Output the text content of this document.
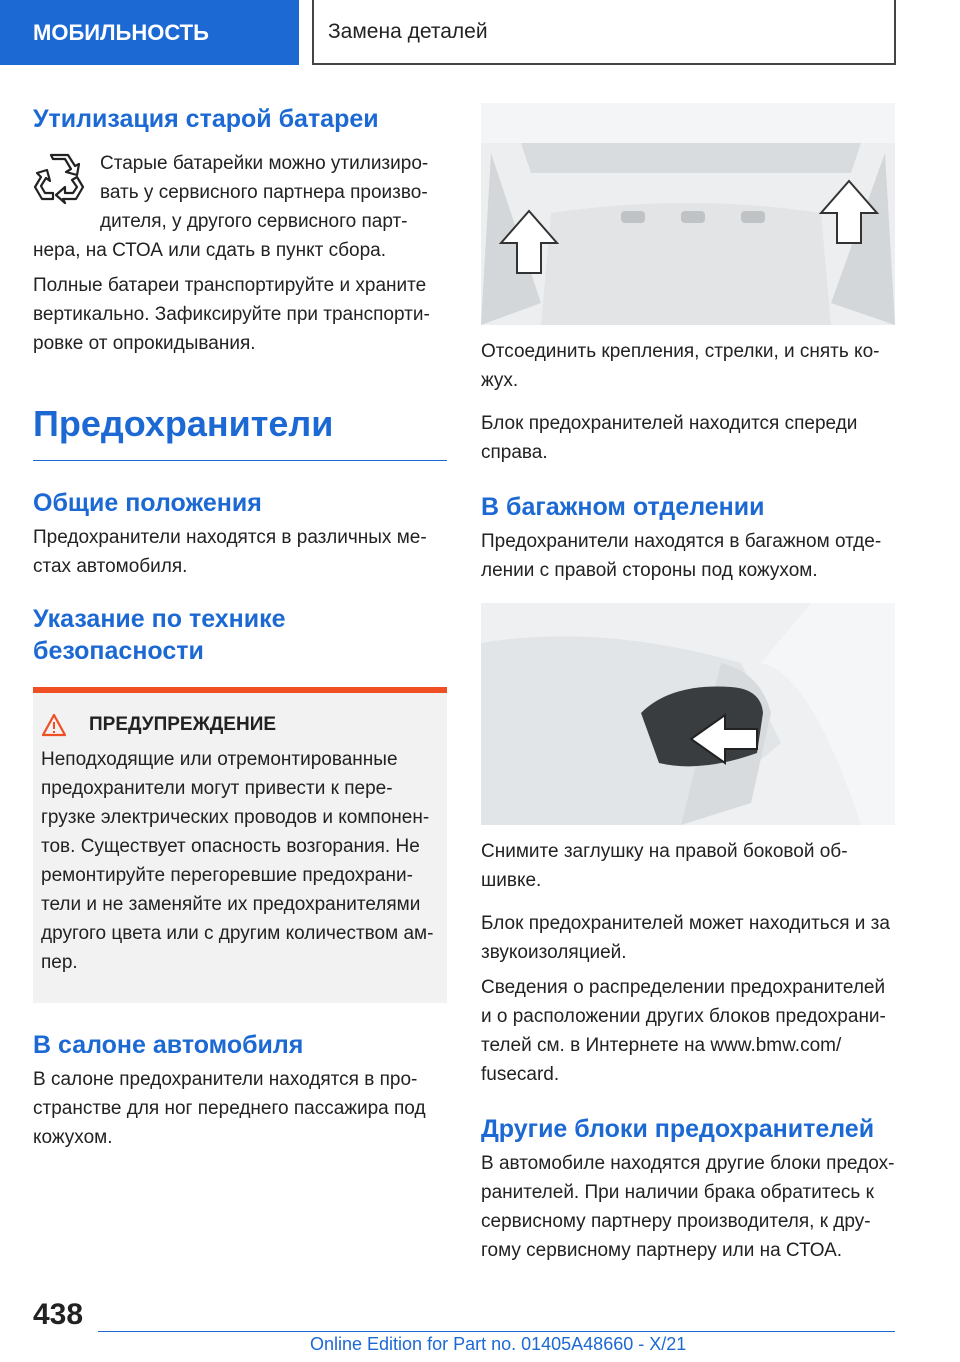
МОБИЛЬНОСТЬ	Замена деталей
Утилизация старой батареи

Старые батарейки можно утилизиро-
вать у сервисного партнера произво-
дителя, у другого сервисного парт-
нера, на СТОА или сдать в пункт сбора.

Полные батареи транспортируйте и храните вертикально. Зафиксируйте при транспортировке от опрокидывания.

Предохранители
Общие положения

Предохранители находятся в различных местах автомобиля.

Указание по технике безопасности
ПРЕДУПРЕЖДЕНИЕ

Неподходящие или отремонтированные предохранители могут привести к перегрузке электрических проводов и компонентов. Существует опасность возгорания. Не ремонтируйте перегоревшие предохранители и не заменяйте их предохранителями другого цвета или с другим количеством ампер.

В салоне автомобиля

В салоне предохранители находятся в пространстве для ног переднего пассажира под кожухом.

Отсоединить крепления, стрелки, и снять кожух.

Блок предохранителей находится спереди справа.

В багажном отделении

Предохранители находятся в багажном отделении с правой стороны под кожухом.

Снимите заглушку на правой боковой обшивке.

Блок предохранителей может находиться и за звукоизоляцией.

Сведения о распределении предохранителей и о расположении других блоков предохранителей см. в Интернете на www.bmw.com/ fusecard.

Другие блоки предохранителей

В автомобиле находятся другие блоки предохранителей. При наличии брака обратитесь к сервисному партнеру производителя, к другому сервисному партнеру или на СТОА.

438
Online Edition for Part no. 01405A48660 - X/21
